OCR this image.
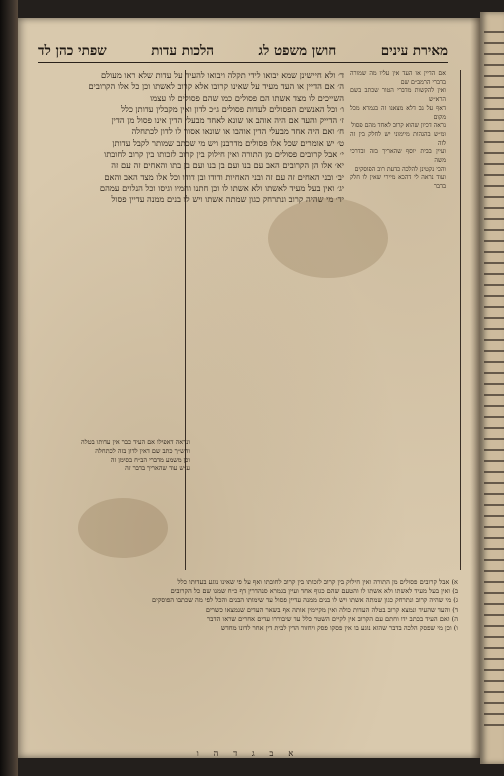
מאירת עינים
חושן משפט לג
הלכות עדות
שפתי כהן לד

ד׳ ולא חיישינן שמא יבואו לידי תקלה ויבואו להעיד על עדות שלא ראו מעולם

ה׳ אם הדיין או העד מעיד על שאינו קרובו אלא קרוב לאשתו וכן כל אלו הקרובים

השייכים לו מצד אשתו הם פסולים כמו שהם פסולים לו עצמו

ו׳ וכל האנשים הפסולים לעדות פסולים ג״כ לדון ואין מקבלין עדותן כלל

ז׳ הדייק והעד אם היה אוהב או שונא לאחד מבעלי הדין אינו פסול מן הדין

ח׳ ואם היה אחד מבעלי הדין אוהבו או שונאו אסור לו לדון לכתחלה

ט׳ יש אומרים שכל אלו פסולים מדרבנן ויש מי שכתב שמותר לקבל עדותן

י׳ אבל קרובים פסולים מן התורה ואין חילוק בין קרוב לזכותו בין קרוב לחובתו

יא׳ אלו הן הקרובים האב עם בנו ועם בן בנו ועם בן בתו והאחים זה עם זה

יב׳ ובני האחים זה עם זה ובני האחיות ודודו ובן דודו וכל אלו מצד האב והאם

יג׳ ואין בעל מעיד לאשתו ולא אשתו לו וכן חתנו וחמיו וגיסו וכל הנלוים עמהם

יד׳ מי שהיה קרוב ונתרחק כגון שמתה אשתו ויש לו בנים ממנה עדיין פסול

אם הדיין או העד אין עליו מה שמורה בדברי הרמב״ם שם

ואין להקשות מדברי הטור שכתב בשם הרא״ש

דאף על גב דלא מצאנו זה בגמרא מכל מקום

נראה דכיון שהוא קרוב לאחד מהם פסול

ומ״ש בהגהות מיימוני יש לחלק בין זה לזה

ועיין בבית יוסף שהאריך בזה ובדרכי משה

והכי נקטינן להלכה כדעת רוב הפוסקים

ועוד נראה לי דהכא מיירי שאין לו חלק בדבר

ונראה דאפילו אם העיד כבר אין עדותו בטלה

והש״ך כתב שם דאין לדון בזה לכתחלה

וכן משמע מדברי הב״ח בסימן זה

ע״ש עוד שהאריך בדבר זה

א) אבל קרובים פסולים מן התורה ואין חילוק בין קרוב לזכותו בין קרוב לחובתו ואף על פי שאינו נוגע בעדותו כלל

ב) ואין בעל מעיד לאשתו ולא אשתו לו והטעם שהם כגוף אחד ועיין בגמרא סנהדרין דף כ״ח שמנו שם כל הקרובים

ג) מי שהיה קרוב ונתרחק כגון שמתה אשתו ויש לו בנים ממנה עדיין פסול עד שימותו הבנים והכל לפי מה שכתבו הפוסקים

ד) והעד שהעיד ונמצא קרוב בטלה העדות כולה ואין מקיימין אותה אף בשאר העדים שנמצאו כשרים

ה) ואם העיד בכתב ידו וחתם עם הקרוב אין לקיים השטר כלל עד שיבוררו עדים אחרים שראו הדבר

ו) וכן מי שפסק הלכה בדבר שהוא נוגע בו אין פסקו פסק ויחזור הדין לבית דין אחר לדונו מחדש

א ב ג ד ה ו
